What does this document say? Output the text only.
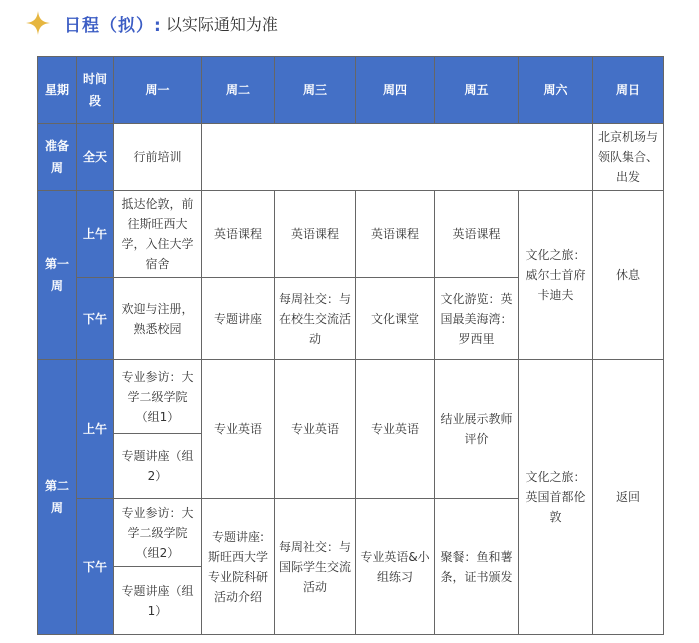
日程（拟）: 以实际通知为准
星期	时间段	周一	周二	周三	周四	周五	周六	周日
准备周	全天	行前培训						北京机场与领队集合、出发
第一周	上午	抵达伦敦，前往斯旺西大学，入住大学宿舍	英语课程	英语课程	英语课程	英语课程	文化之旅：威尔士首府卡迪夫	休息
	下午	欢迎与注册，熟悉校园	专题讲座	每周社交：与在校生交流活动	文化课堂	文化游览：英国最美海湾：罗西里		
第二周	上午	专业参访：大学二级学院（组1）	专业英语	专业英语	专业英语	结业展示教师评价	文化之旅：英国首都伦敦	返回
		专题讲座（组2）						
	下午	专业参访：大学二级学院（组2）	专题讲座:斯旺西大学专业院科研活动介绍	每周社交：与国际学生交流活动	专业英语&小组练习	聚餐：鱼和薯条，证书颁发		
		专题讲座（组1）						
